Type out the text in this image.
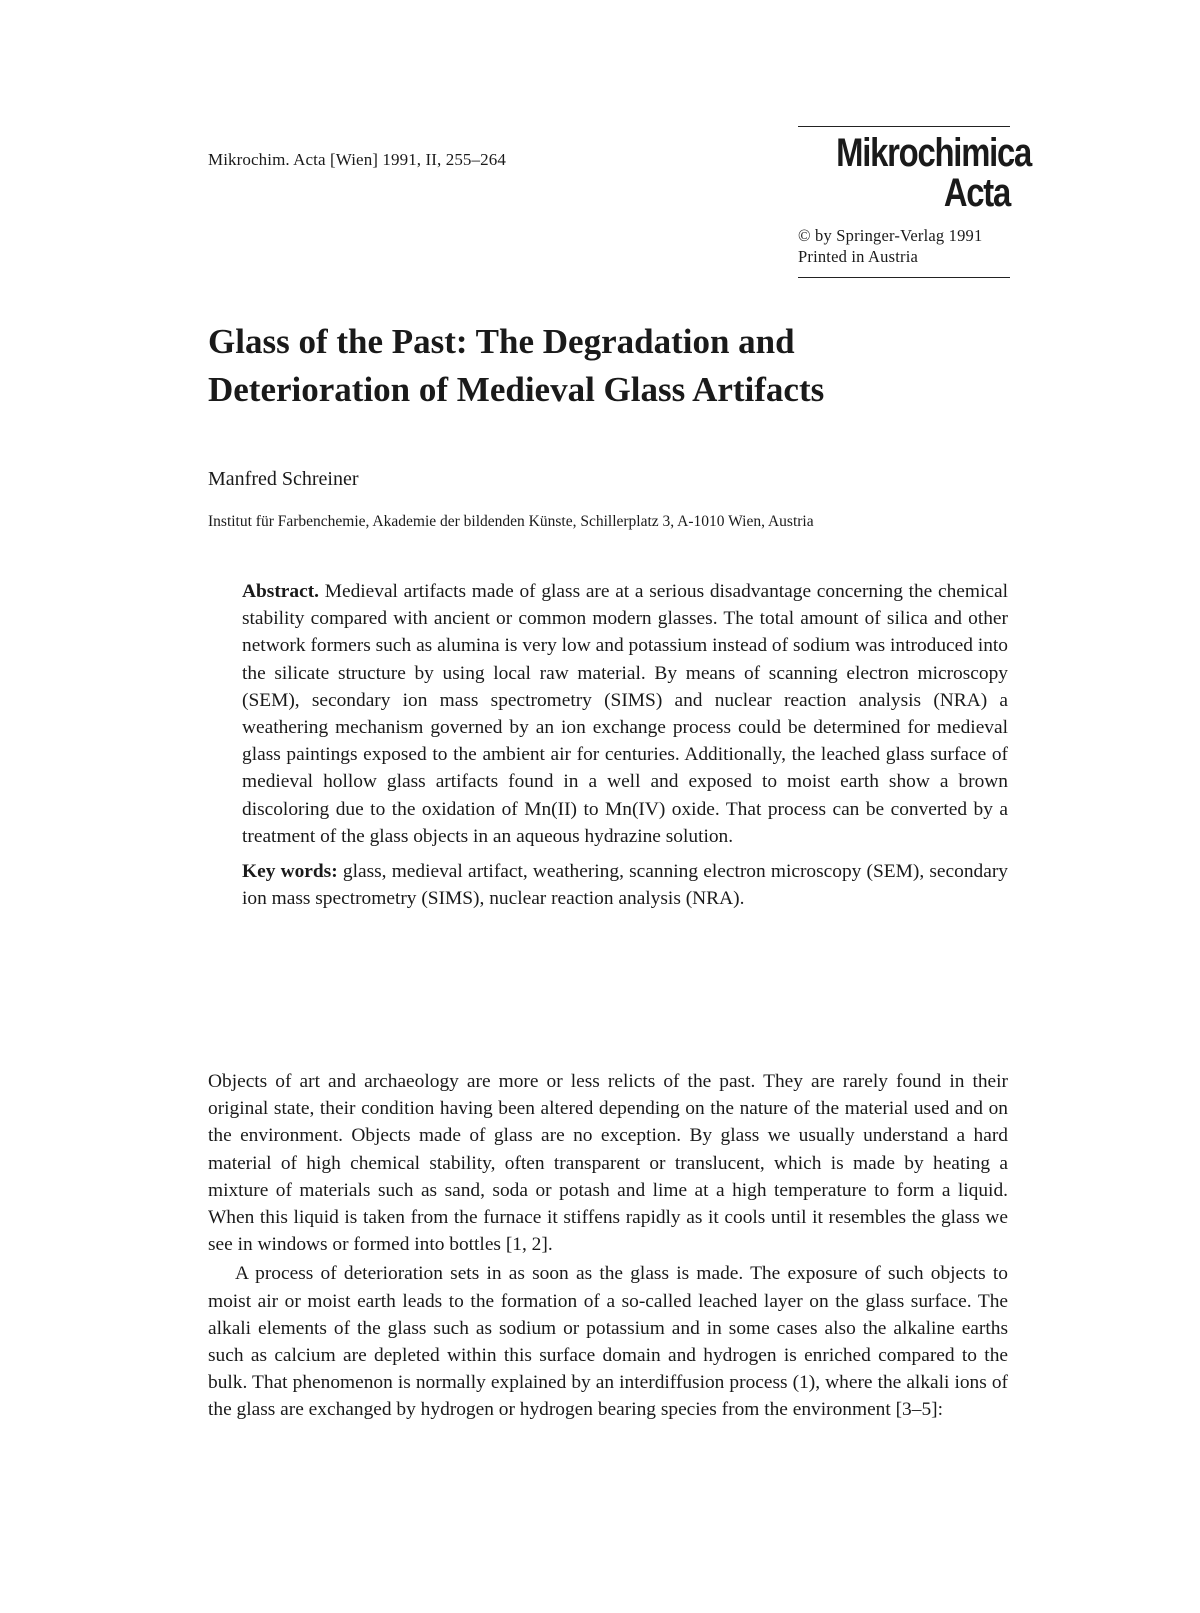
Mikrochim. Acta [Wien] 1991, II, 255–264	Mikrochimica
Acta
© by Springer-Verlag 1991
Printed in Austria
Glass of the Past: The Degradation and
Deterioration of Medieval Glass Artifacts
Manfred Schreiner
Institut für Farbenchemie, Akademie der bildenden Künste, Schillerplatz 3, A-1010 Wien, Austria

Abstract. Medieval artifacts made of glass are at a serious disadvantage concerning the chemical stability compared with ancient or common modern glasses. The total amount of silica and other network formers such as alumina is very low and potassium instead of sodium was introduced into the silicate structure by using local raw material. By means of scanning electron microscopy (SEM), secondary ion mass spectrometry (SIMS) and nuclear reaction analysis (NRA) a weathering mechanism governed by an ion exchange process could be determined for medieval glass paintings exposed to the ambient air for centuries. Additionally, the leached glass surface of medieval hollow glass artifacts found in a well and exposed to moist earth show a brown discoloring due to the oxidation of Mn(II) to Mn(IV) oxide. That process can be converted by a treatment of the glass objects in an aqueous hydrazine solution.

Key words: glass, medieval artifact, weathering, scanning electron microscopy (SEM), secondary ion mass spectrometry (SIMS), nuclear reaction analysis (NRA).

Objects of art and archaeology are more or less relicts of the past. They are rarely found in their original state, their condition having been altered depending on the nature of the material used and on the environment. Objects made of glass are no exception. By glass we usually understand a hard material of high chemical stability, often transparent or translucent, which is made by heating a mixture of materials such as sand, soda or potash and lime at a high temperature to form a liquid. When this liquid is taken from the furnace it stiffens rapidly as it cools until it resembles the glass we see in windows or formed into bottles [1, 2].

A process of deterioration sets in as soon as the glass is made. The exposure of such objects to moist air or moist earth leads to the formation of a so-called leached layer on the glass surface. The alkali elements of the glass such as sodium or potassium and in some cases also the alkaline earths such as calcium are depleted within this surface domain and hydrogen is enriched compared to the bulk. That phenomenon is normally explained by an interdiffusion process (1), where the alkali ions of the glass are exchanged by hydrogen or hydrogen bearing species from the environment [3–5]:
